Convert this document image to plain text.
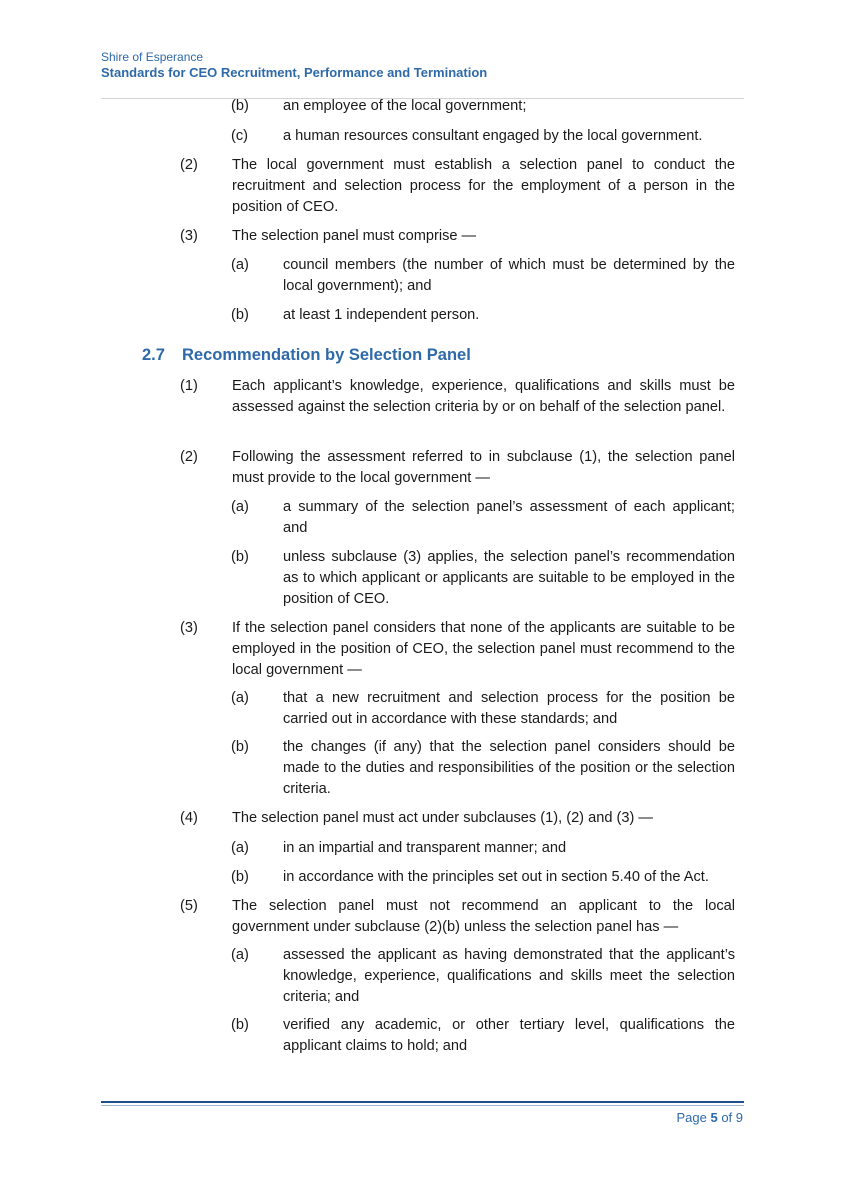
Shire of Esperance
Standards for CEO Recruitment, Performance and Termination
(b)	an employee of the local government;
(c)	a human resources consultant engaged by the local government.
(2)	The local government must establish a selection panel to conduct the recruitment and selection process for the employment of a person in the position of CEO.
(3)	The selection panel must comprise —
(a)	council members (the number of which must be determined by the local government); and
(b)	at least 1 independent person.
2.7 Recommendation by Selection Panel
(1)	Each applicant’s knowledge, experience, qualifications and skills must be assessed against the selection criteria by or on behalf of the selection panel.
(2)	Following the assessment referred to in subclause (1), the selection panel must provide to the local government —
(a)	a summary of the selection panel’s assessment of each applicant; and
(b)	unless subclause (3) applies, the selection panel’s recommendation as to which applicant or applicants are suitable to be employed in the position of CEO.
(3)	If the selection panel considers that none of the applicants are suitable to be employed in the position of CEO, the selection panel must recommend to the local government —
(a)	that a new recruitment and selection process for the position be carried out in accordance with these standards; and
(b)	the changes (if any) that the selection panel considers should be made to the duties and responsibilities of the position or the selection criteria.
(4)	The selection panel must act under subclauses (1), (2) and (3) —
(a)	in an impartial and transparent manner; and
(b)	in accordance with the principles set out in section 5.40 of the Act.
(5)	The selection panel must not recommend an applicant to the local government under subclause (2)(b) unless the selection panel has —
(a)	assessed the applicant as having demonstrated that the applicant’s knowledge, experience, qualifications and skills meet the selection criteria; and
(b)	verified any academic, or other tertiary level, qualifications the applicant claims to hold; and
Page 5 of 9
